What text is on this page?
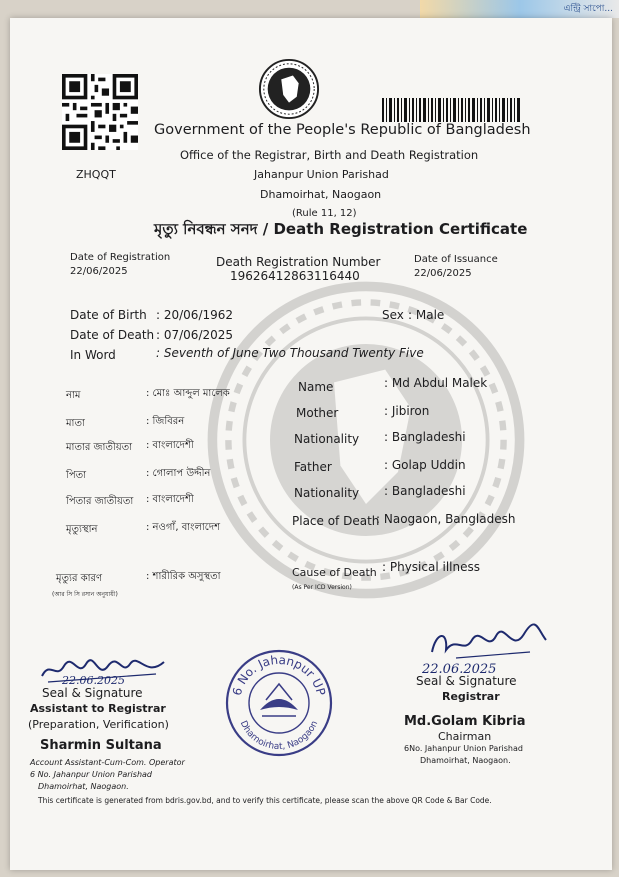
এন্ট্রি সাপো...
ZHQQT
Government of the People's Republic of Bangladesh
Office of the Registrar, Birth and Death Registration
Jahanpur Union Parishad
Dhamoirhat, Naogaon
(Rule 11, 12)
মৃত্যু নিবন্ধন সনদ / Death Registration Certificate
Date of Registration
22/06/2025
Death Registration Number
19626412863116440
Date of Issuance
22/06/2025
Date of Birth : 20/06/1962	Sex : Male
Date of Death : 07/06/2025
In Word	: Seventh of June Two Thousand Twenty Five
নাম	: মোঃ আব্দুল মালেক
মাতা	: জিবিরন
মাতার জাতীয়তা : বাংলাদেশী
পিতা	: গোলাপ উদ্দীন
পিতার জাতীয়তা : বাংলাদেশী
মৃত্যুস্থান	: নওগাঁ, বাংলাদেশ
মৃত্যুর কারণ
(আর সি সি রসান অনুযায়ী)
: শারীরিক অসুস্থতা
Name	: Md Abdul Malek
Mother	: Jibiron
Nationality : Bangladeshi
Father	: Golap Uddin
Nationality : Bangladeshi
Place of Death
: Naogaon, Bangladesh
Cause of Death
(As Per ICD Version)
: Physical illness
22.06.2025
Seal & Signature
Assistant to Registrar
(Preparation, Verification)
Sharmin Sultana
Account Assistant-Cum-Com. Operator
6 No. Jahanpur Union Parishad
Dhamoirhat, Naogaon.
6 No. Jahanpur UP
Dhamoirhat, Naogaon
22.06.2025
Seal & Signature
Registrar
Md.Golam Kibria
Chairman
6No. Jahanpur Union Parishad
Dhamoirhat, Naogaon.
This certificate is generated from bdris.gov.bd, and to verify this certificate, please scan the above QR Code & Bar Code.
